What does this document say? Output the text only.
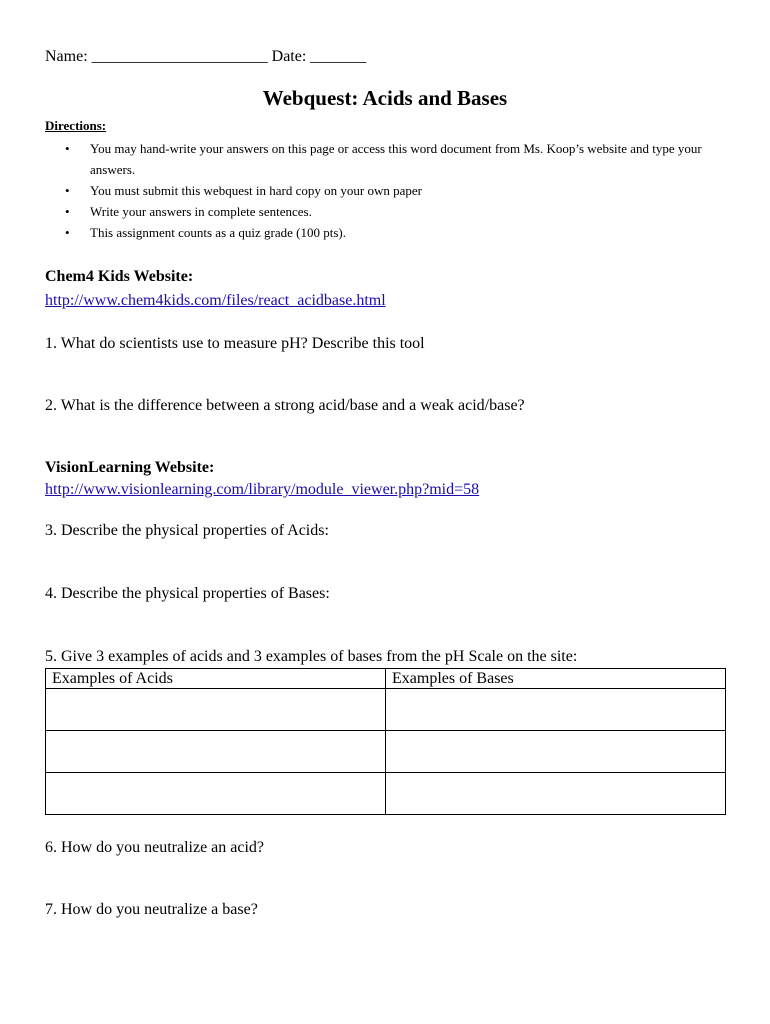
Name: ______________________ Date: _______
Webquest: Acids and Bases
Directions:
• You may hand-write your answers on this page or access this word document from Ms. Koop’s website and type your answers.
• You must submit this webquest in hard copy on your own paper
• Write your answers in complete sentences.
• This assignment counts as a quiz grade (100 pts).
Chem4 Kids Website:
http://www.chem4kids.com/files/react_acidbase.html
1. What do scientists use to measure pH? Describe this tool
2. What is the difference between a strong acid/base and a weak acid/base?
VisionLearning Website:
http://www.visionlearning.com/library/module_viewer.php?mid=58
3. Describe the physical properties of Acids:
4. Describe the physical properties of Bases:
5. Give 3 examples of acids and 3 examples of bases from the pH Scale on the site:
Examples of Acids	Examples of Bases

6. How do you neutralize an acid?
7. How do you neutralize a base?
